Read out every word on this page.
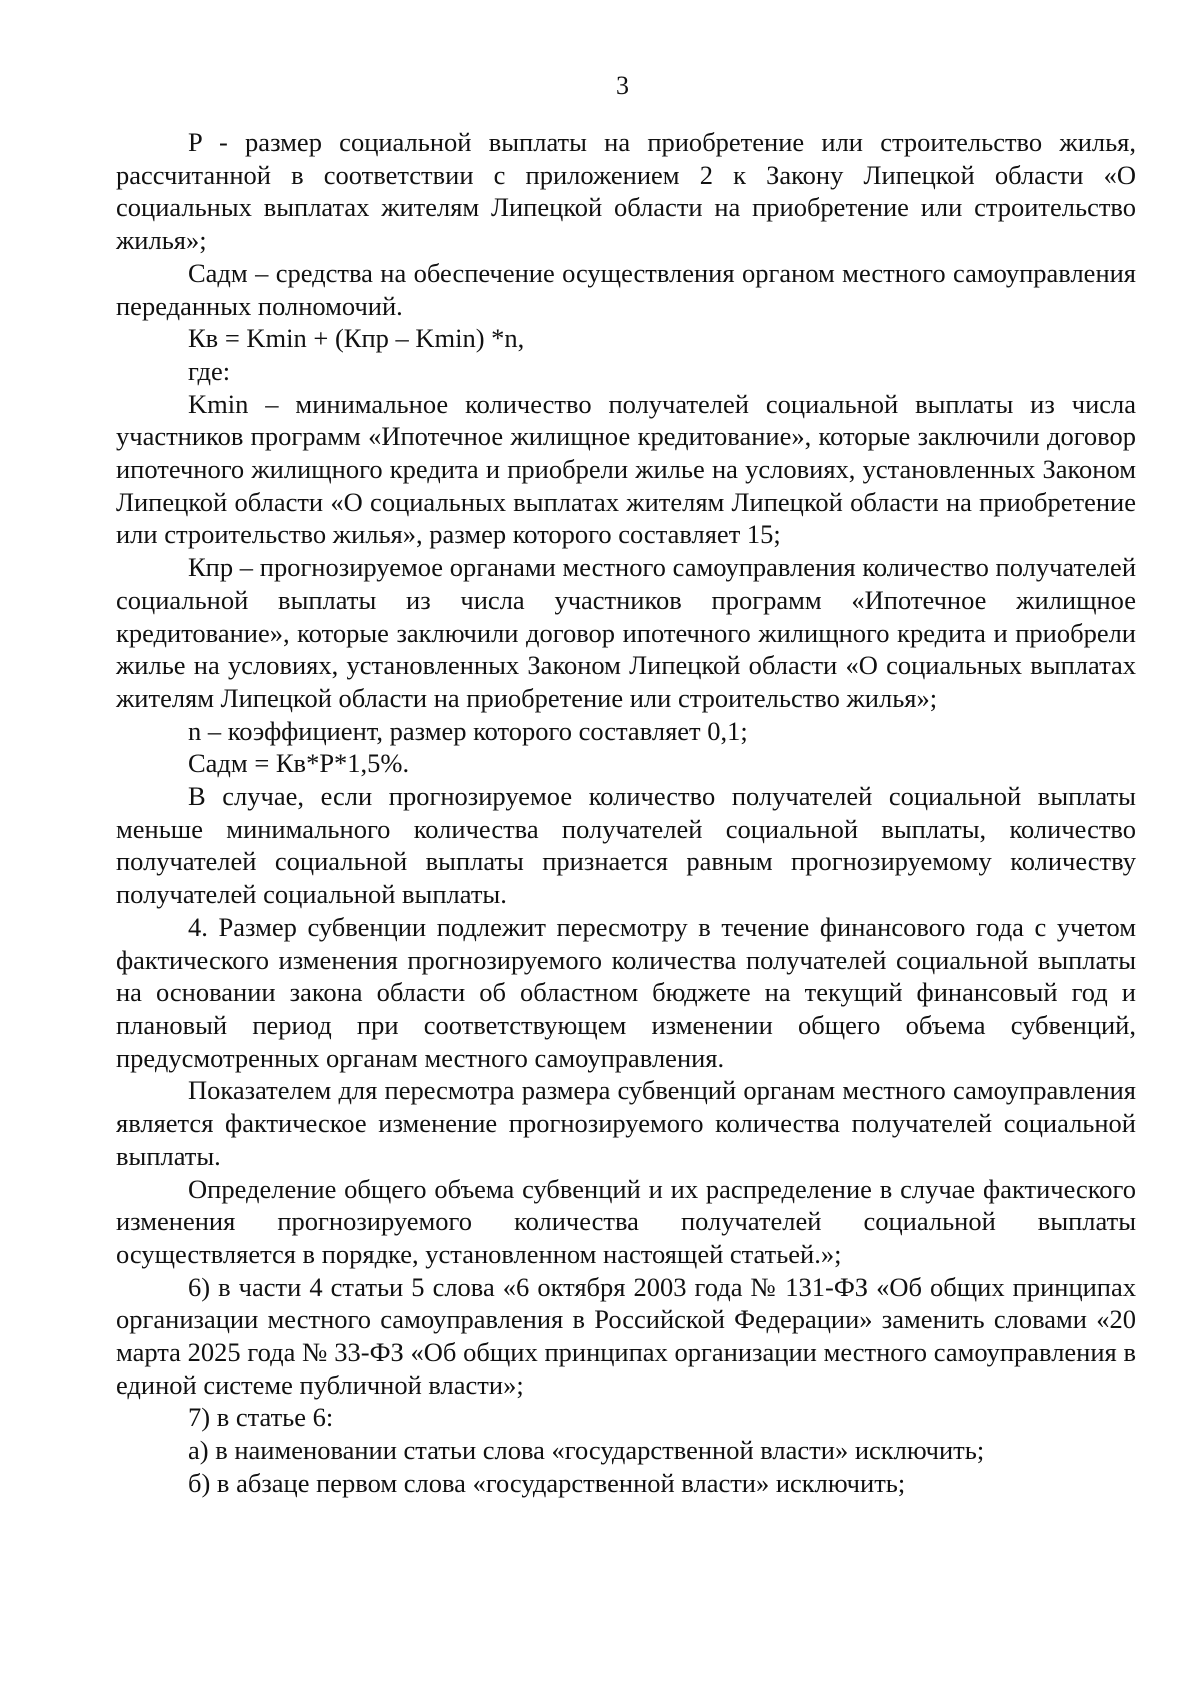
3

P - размер социальной выплаты на приобретение или строительство жилья, рассчитанной в соответствии с приложением 2 к Закону Липецкой области «О социальных выплатах жителям Липецкой области на приобретение или строительство жилья»;

Садм – средства на обеспечение осуществления органом местного самоуправления переданных полномочий.

Кв = Kmin + (Кпр – Kmin) *n,

где:

Kmin – минимальное количество получателей социальной выплаты из числа участников программ «Ипотечное жилищное кредитование», которые заключили договор ипотечного жилищного кредита и приобрели жилье на условиях, установленных Законом Липецкой области «О социальных выплатах жителям Липецкой области на приобретение или строительство жилья», размер которого составляет 15;

Кпр – прогнозируемое органами местного самоуправления количество получателей социальной выплаты из числа участников программ «Ипотечное жилищное кредитование», которые заключили договор ипотечного жилищного кредита и приобрели жилье на условиях, установленных Законом Липецкой области «О социальных выплатах жителям Липецкой области на приобретение или строительство жилья»;

n – коэффициент, размер которого составляет 0,1;

Садм = Кв*Р*1,5%.

В случае, если прогнозируемое количество получателей социальной выплаты меньше минимального количества получателей социальной выплаты, количество получателей социальной выплаты признается равным прогнозируемому количеству получателей социальной выплаты.

4. Размер субвенции подлежит пересмотру в течение финансового года с учетом фактического изменения прогнозируемого количества получателей социальной выплаты на основании закона области об областном бюджете на текущий финансовый год и плановый период при соответствующем изменении общего объема субвенций, предусмотренных органам местного самоуправления.

Показателем для пересмотра размера субвенций органам местного самоуправления является фактическое изменение прогнозируемого количества получателей социальной выплаты.

Определение общего объема субвенций и их распределение в случае фактического изменения прогнозируемого количества получателей социальной выплаты осуществляется в порядке, установленном настоящей статьей.»;

6) в части 4 статьи 5 слова «6 октября 2003 года № 131-ФЗ «Об общих принципах организации местного самоуправления в Российской Федерации» заменить словами «20 марта 2025 года № 33-ФЗ «Об общих принципах организации местного самоуправления в единой системе публичной власти»;

7) в статье 6:

а) в наименовании статьи слова «государственной власти» исключить;

б) в абзаце первом слова «государственной власти» исключить;
